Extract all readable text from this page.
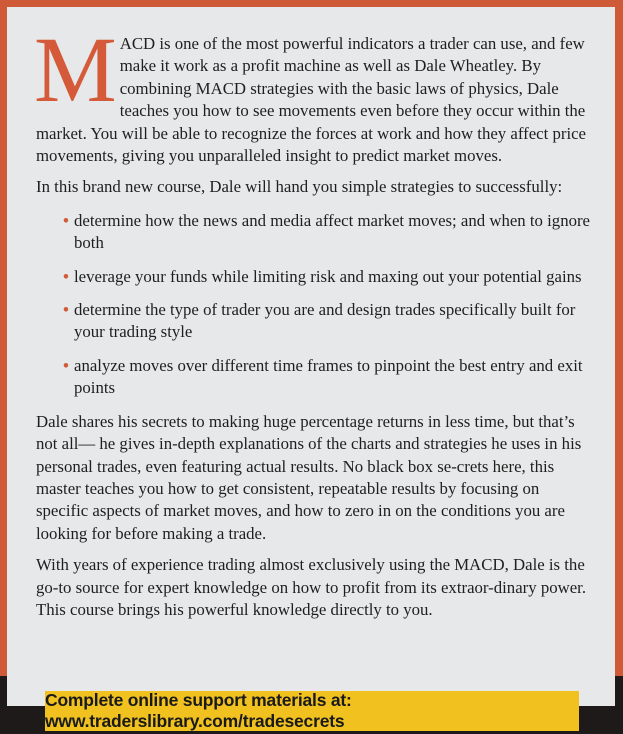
MACD is one of the most powerful indicators a trader can use, and few make it work as a profit machine as well as Dale Wheatley. By combining MACD strategies with the basic laws of physics, Dale teaches you how to see movements even before they occur within the market. You will be able to recognize the forces at work and how they affect price movements, giving you unparalleled insight to predict market moves.

In this brand new course, Dale will hand you simple strategies to successfully:

• determine how the news and media affect market moves; and when to ignore both
• leverage your funds while limiting risk and maxing out your potential gains
• determine the type of trader you are and design trades specifically built for your trading style
• analyze moves over different time frames to pinpoint the best entry and exit points

Dale shares his secrets to making huge percentage returns in less time, but that’s not all— he gives in-depth explanations of the charts and strategies he uses in his personal trades, even featuring actual results. No black box se-crets here, this master teaches you how to get consistent, repeatable results by focusing on specific aspects of market moves, and how to zero in on the conditions you are looking for before making a trade.

With years of experience trading almost exclusively using the MACD, Dale is the go-to source for expert knowledge on how to profit from its extraor-dinary power. This course brings his powerful knowledge directly to you.

Complete online support materials at: www.traderslibrary.com/tradesecrets
